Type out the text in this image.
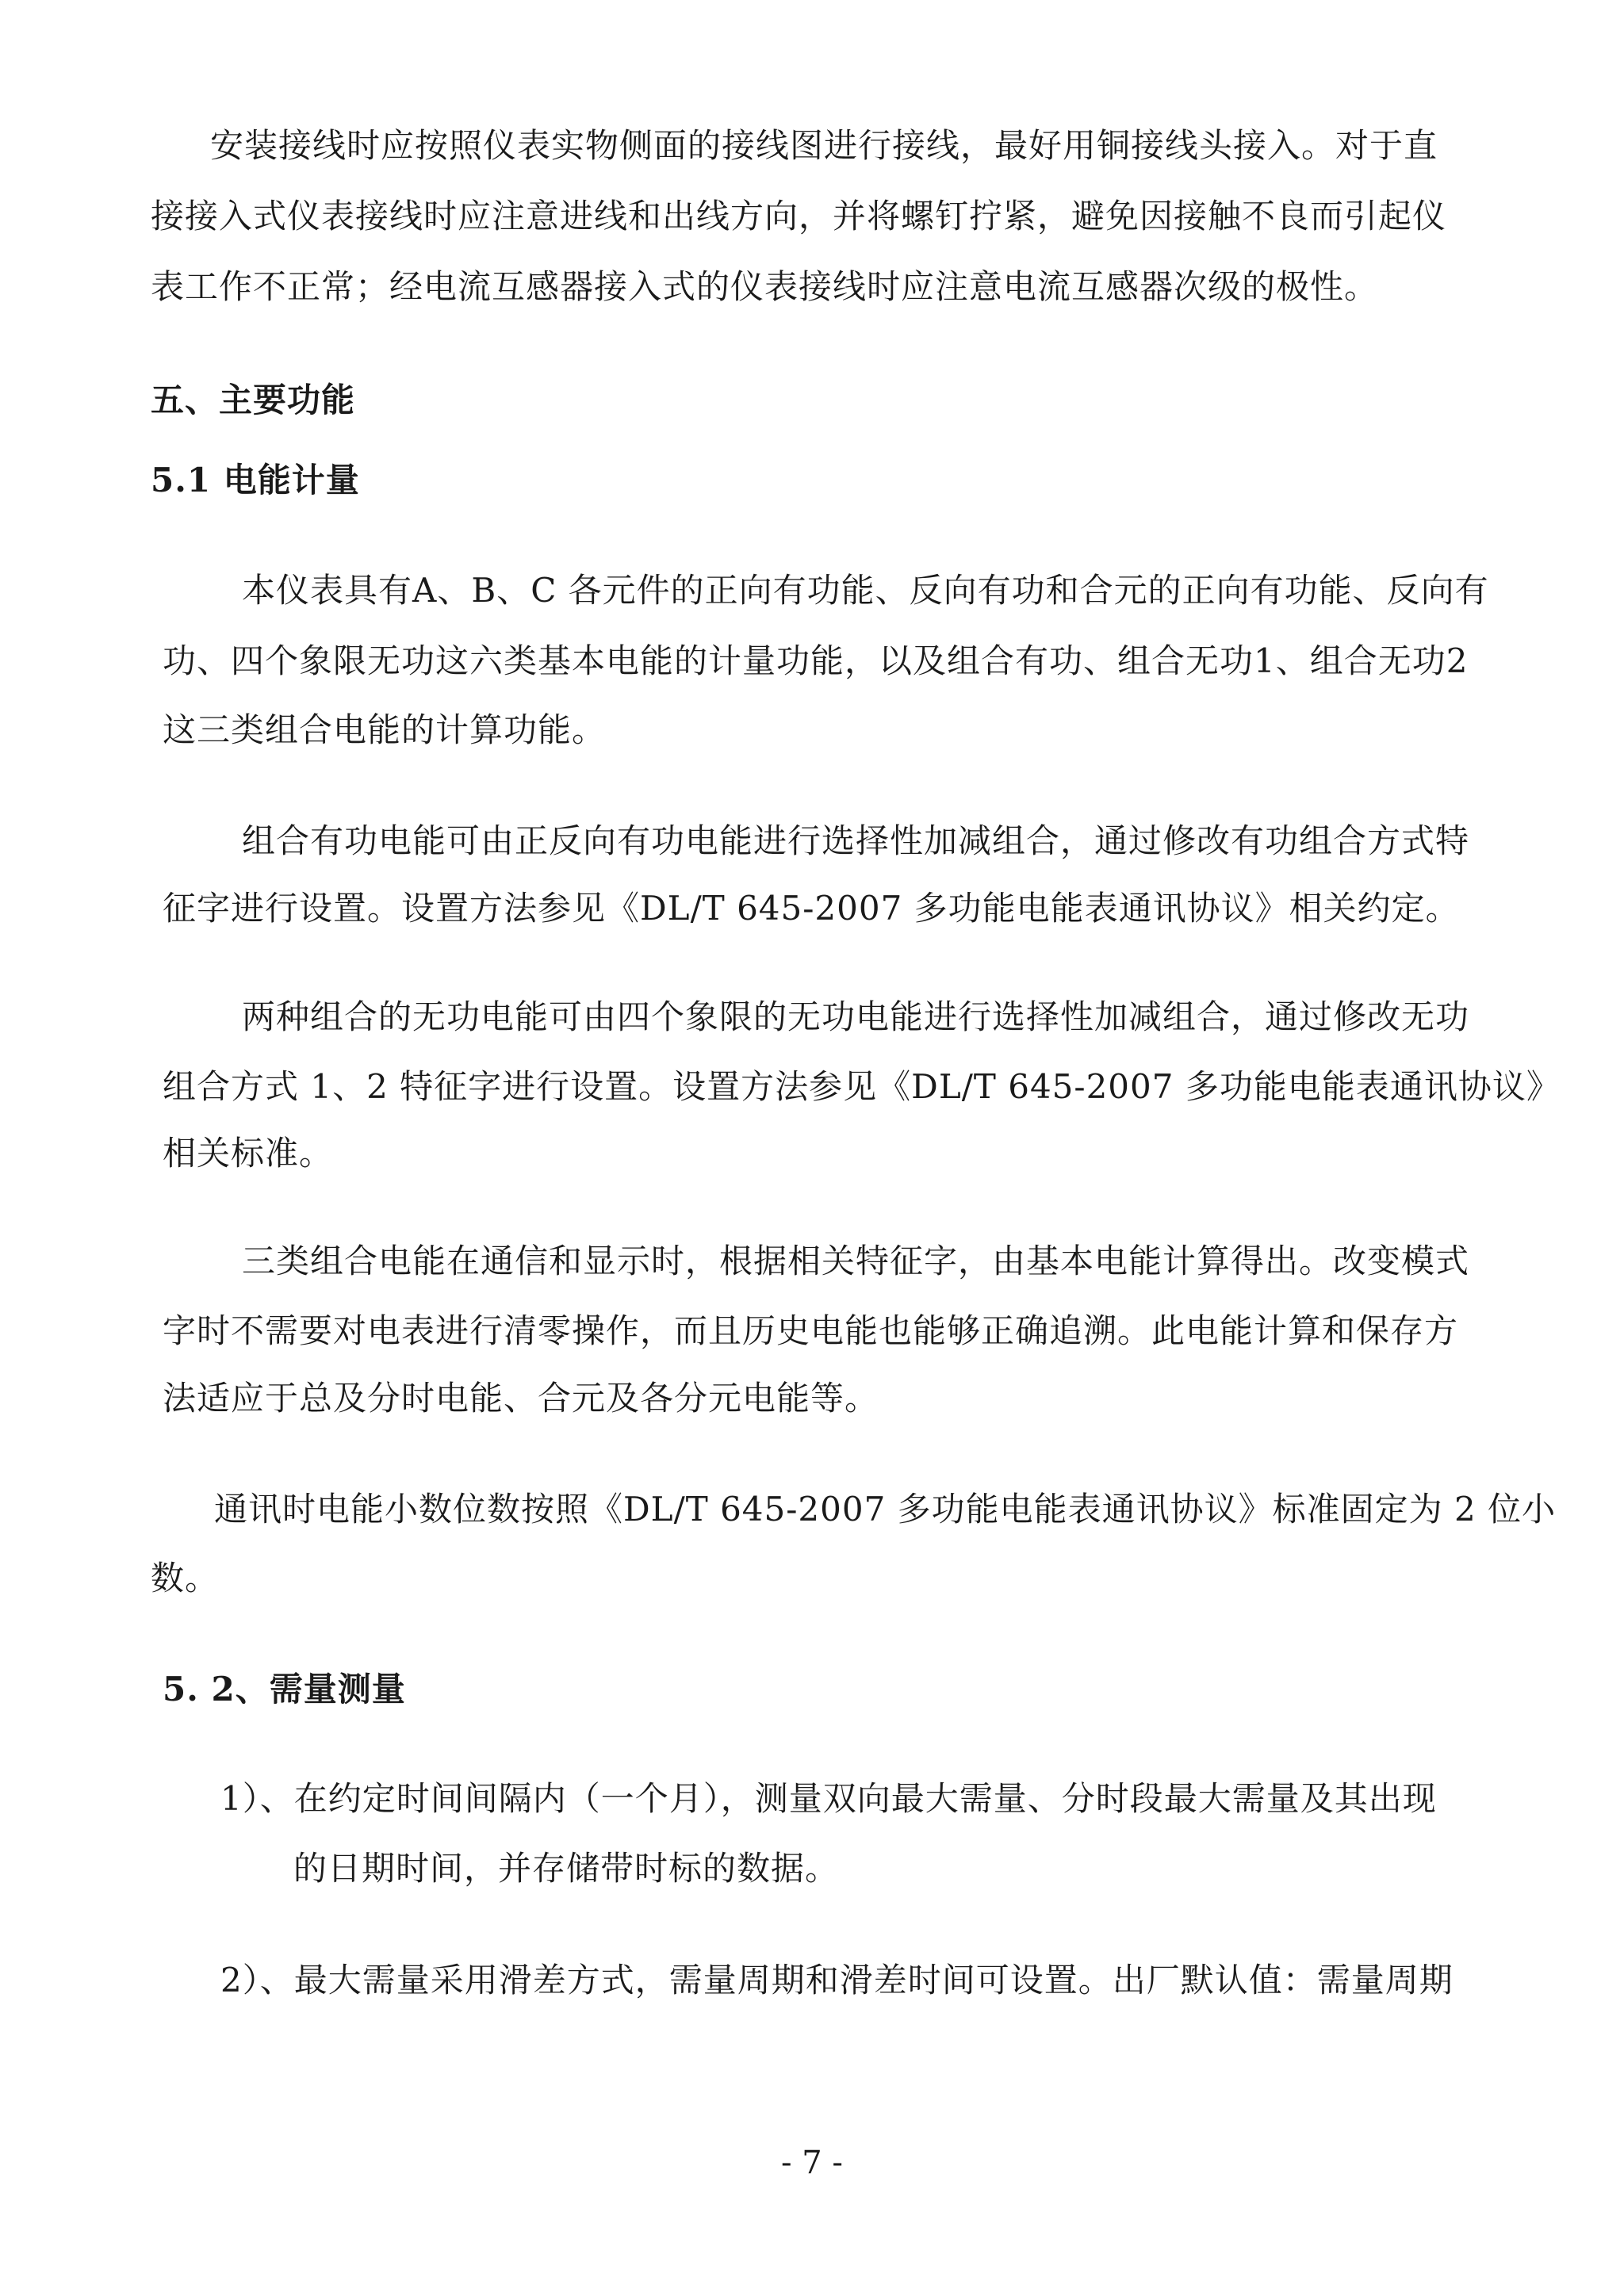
安装接线时应按照仪表实物侧面的接线图进行接线，最好用铜接线头接入。对于直
接接入式仪表接线时应注意进线和出线方向，并将螺钉拧紧，避免因接触不良而引起仪
表工作不正常；经电流互感器接入式的仪表接线时应注意电流互感器次级的极性。
五、主要功能
5.1 电能计量
本仪表具有A、B、C 各元件的正向有功能、反向有功和合元的正向有功能、反向有
功、四个象限无功这六类基本电能的计量功能，以及组合有功、组合无功1、组合无功2
这三类组合电能的计算功能。
组合有功电能可由正反向有功电能进行选择性加减组合，通过修改有功组合方式特
征字进行设置。设置方法参见《DL/T 645-2007 多功能电能表通讯协议》相关约定。
两种组合的无功电能可由四个象限的无功电能进行选择性加减组合，通过修改无功
组合方式 1、2 特征字进行设置。设置方法参见《DL/T 645-2007 多功能电能表通讯协议》
相关标准。
三类组合电能在通信和显示时，根据相关特征字，由基本电能计算得出。改变模式
字时不需要对电表进行清零操作，而且历史电能也能够正确追溯。此电能计算和保存方
法适应于总及分时电能、合元及各分元电能等。
通讯时电能小数位数按照《DL/T 645-2007 多功能电能表通讯协议》标准固定为 2 位小
数。
5. 2、需量测量
1）、在约定时间间隔内（一个月），测量双向最大需量、分时段最大需量及其出现
的日期时间，并存储带时标的数据。
2）、最大需量采用滑差方式，需量周期和滑差时间可设置。出厂默认值：需量周期
- 7 -
